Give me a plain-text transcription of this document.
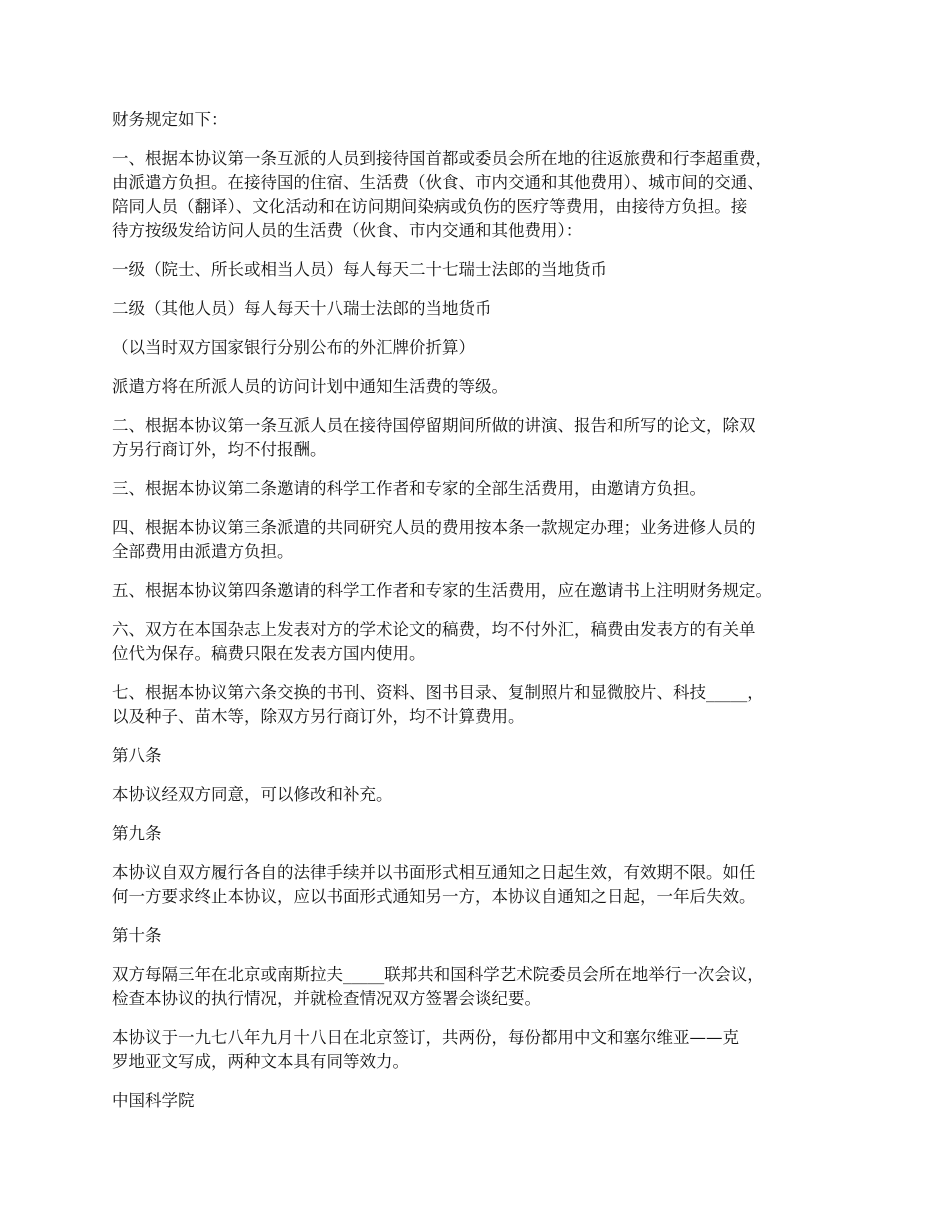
财务规定如下：

一、根据本协议第一条互派的人员到接待国首都或委员会所在地的往返旅费和行李超重费，
由派遣方负担。在接待国的住宿、生活费（伙食、市内交通和其他费用）、城市间的交通、
陪同人员（翻译）、文化活动和在访问期间染病或负伤的医疗等费用，由接待方负担。接
待方按级发给访问人员的生活费（伙食、市内交通和其他费用）：

一级（院士、所长或相当人员）每人每天二十七瑞士法郎的当地货币

二级（其他人员）每人每天十八瑞士法郎的当地货币

（以当时双方国家银行分别公布的外汇牌价折算）

派遣方将在所派人员的访问计划中通知生活费的等级。

二、根据本协议第一条互派人员在接待国停留期间所做的讲演、报告和所写的论文，除双
方另行商订外，均不付报酬。

三、根据本协议第二条邀请的科学工作者和专家的全部生活费用，由邀请方负担。

四、根据本协议第三条派遣的共同研究人员的费用按本条一款规定办理；业务进修人员的
全部费用由派遣方负担。

五、根据本协议第四条邀请的科学工作者和专家的生活费用，应在邀请书上注明财务规定。

六、双方在本国杂志上发表对方的学术论文的稿费，均不付外汇，稿费由发表方的有关单
位代为保存。稿费只限在发表方国内使用。

七、根据本协议第六条交换的书刊、资料、图书目录、复制照片和显微胶片、科技_____，
以及种子、苗木等，除双方另行商订外，均不计算费用。

第八条

本协议经双方同意，可以修改和补充。

第九条

本协议自双方履行各自的法律手续并以书面形式相互通知之日起生效，有效期不限。如任
何一方要求终止本协议，应以书面形式通知另一方，本协议自通知之日起，一年后失效。

第十条

双方每隔三年在北京或南斯拉夫_____联邦共和国科学艺术院委员会所在地举行一次会议，
检查本协议的执行情况，并就检查情况双方签署会谈纪要。

本协议于一九七八年九月十八日在北京签订，共两份，每份都用中文和塞尔维亚——克
罗地亚文写成，两种文本具有同等效力。

中国科学院
